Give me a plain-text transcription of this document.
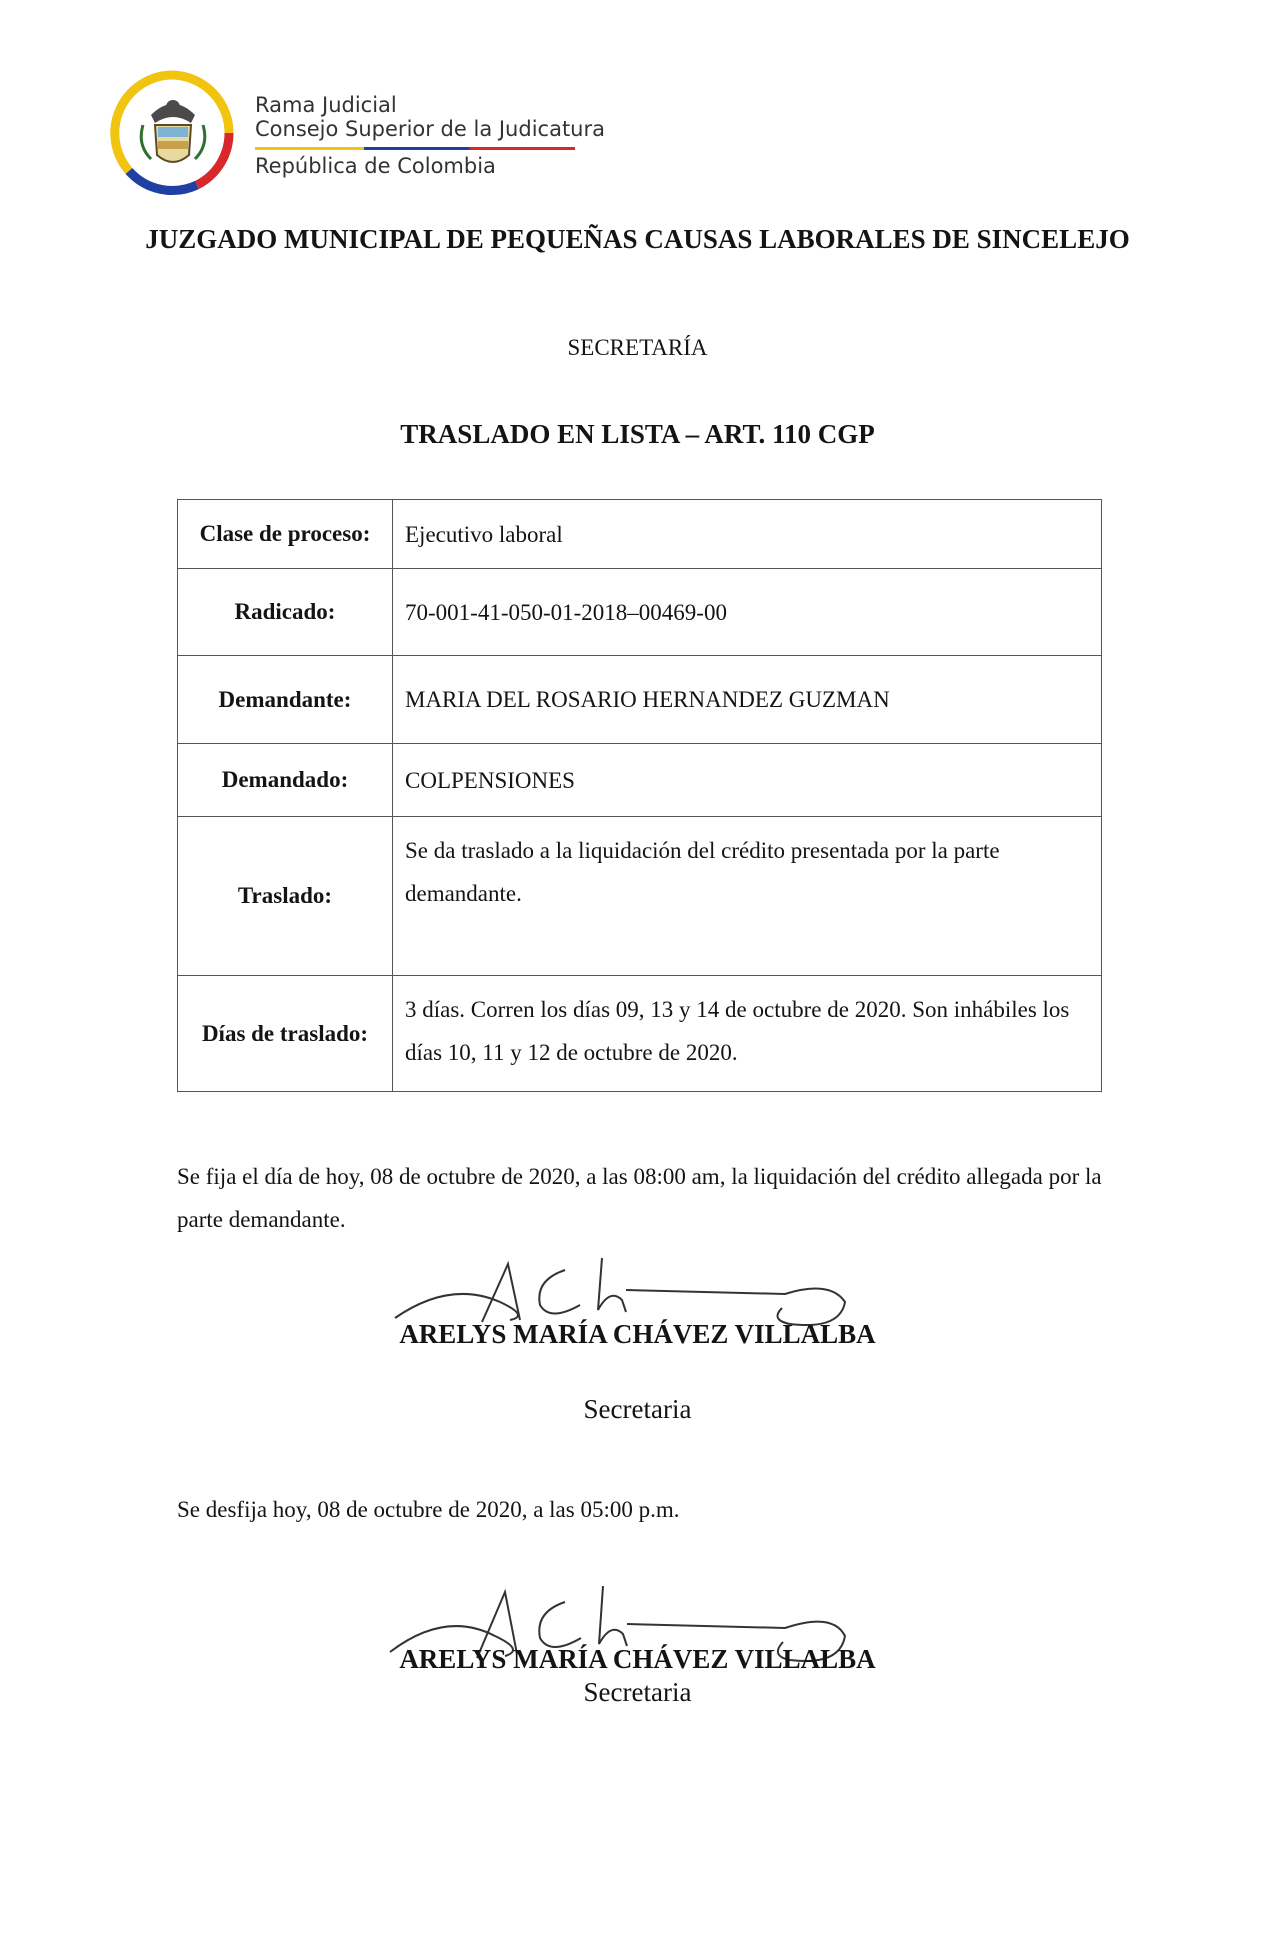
Rama Judicial
Consejo Superior de la Judicatura
República de Colombia
JUZGADO MUNICIPAL DE PEQUEÑAS CAUSAS LABORALES DE SINCELEJO
SECRETARÍA
TRASLADO EN LISTA – ART. 110 CGP
Clase de proceso:	Ejecutivo laboral
Radicado:	70-001-41-050-01-2018–00469-00
Demandante:	MARIA DEL ROSARIO HERNANDEZ GUZMAN
Demandado:	COLPENSIONES
Traslado:	Se da traslado a la liquidación del crédito presentada por la parte demandante.
Días de traslado:	3 días. Corren los días 09, 13 y 14 de octubre de 2020. Son inhábiles los días 10, 11 y 12 de octubre de 2020.
Se fija el día de hoy, 08 de octubre de 2020, a las 08:00 am, la liquidación del crédito allegada por la parte demandante.
ARELYS MARÍA CHÁVEZ VILLALBA
Secretaria
Se desfija hoy, 08 de octubre de 2020, a las 05:00 p.m.
ARELYS MARÍA CHÁVEZ VILLALBA
Secretaria
